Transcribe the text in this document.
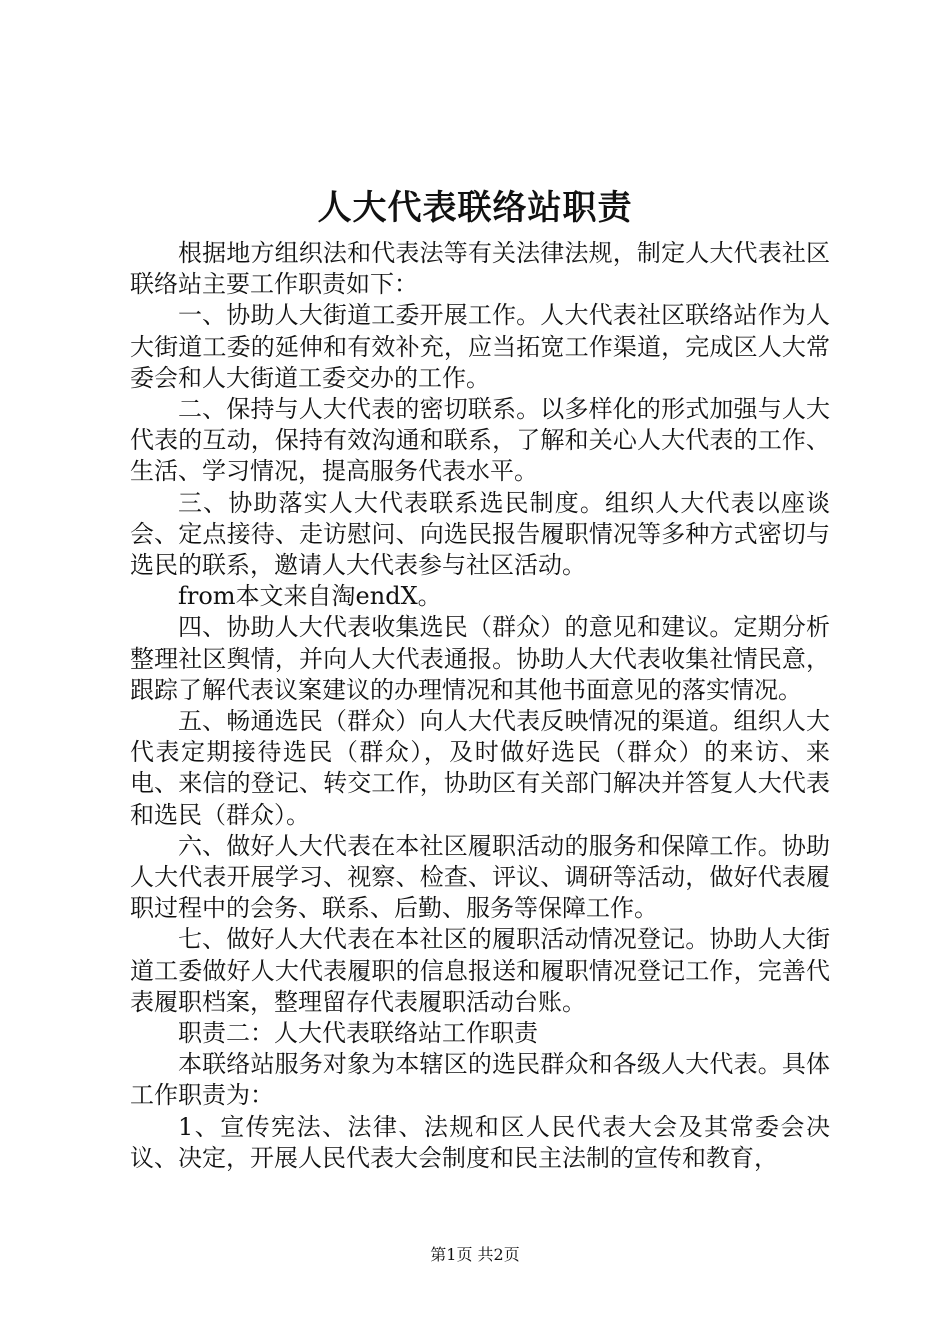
人大代表联络站职责

根据地方组织法和代表法等有关法律法规，制定人大代表社区联络站主要工作职责如下：

一、协助人大街道工委开展工作。人大代表社区联络站作为人大街道工委的延伸和有效补充，应当拓宽工作渠道，完成区人大常委会和人大街道工委交办的工作。

二、保持与人大代表的密切联系。以多样化的形式加强与人大代表的互动，保持有效沟通和联系，了解和关心人大代表的工作、生活、学习情况，提高服务代表水平。

三、协助落实人大代表联系选民制度。组织人大代表以座谈会、定点接待、走访慰问、向选民报告履职情况等多种方式密切与选民的联系，邀请人大代表参与社区活动。

from本文来自淘endX。

四、协助人大代表收集选民（群众）的意见和建议。定期分析整理社区舆情，并向人大代表通报。协助人大代表收集社情民意，跟踪了解代表议案建议的办理情况和其他书面意见的落实情况。

五、畅通选民（群众）向人大代表反映情况的渠道。组织人大代表定期接待选民（群众），及时做好选民（群众）的来访、来电、来信的登记、转交工作，协助区有关部门解决并答复人大代表和选民（群众）。

六、做好人大代表在本社区履职活动的服务和保障工作。协助人大代表开展学习、视察、检查、评议、调研等活动，做好代表履职过程中的会务、联系、后勤、服务等保障工作。

七、做好人大代表在本社区的履职活动情况登记。协助人大街道工委做好人大代表履职的信息报送和履职情况登记工作，完善代表履职档案，整理留存代表履职活动台账。

职责二：人大代表联络站工作职责

本联络站服务对象为本辖区的选民群众和各级人大代表。具体工作职责为：

1、宣传宪法、法律、法规和区人民代表大会及其常委会决议、决定，开展人民代表大会制度和民主法制的宣传和教育，

第1页 共2页
